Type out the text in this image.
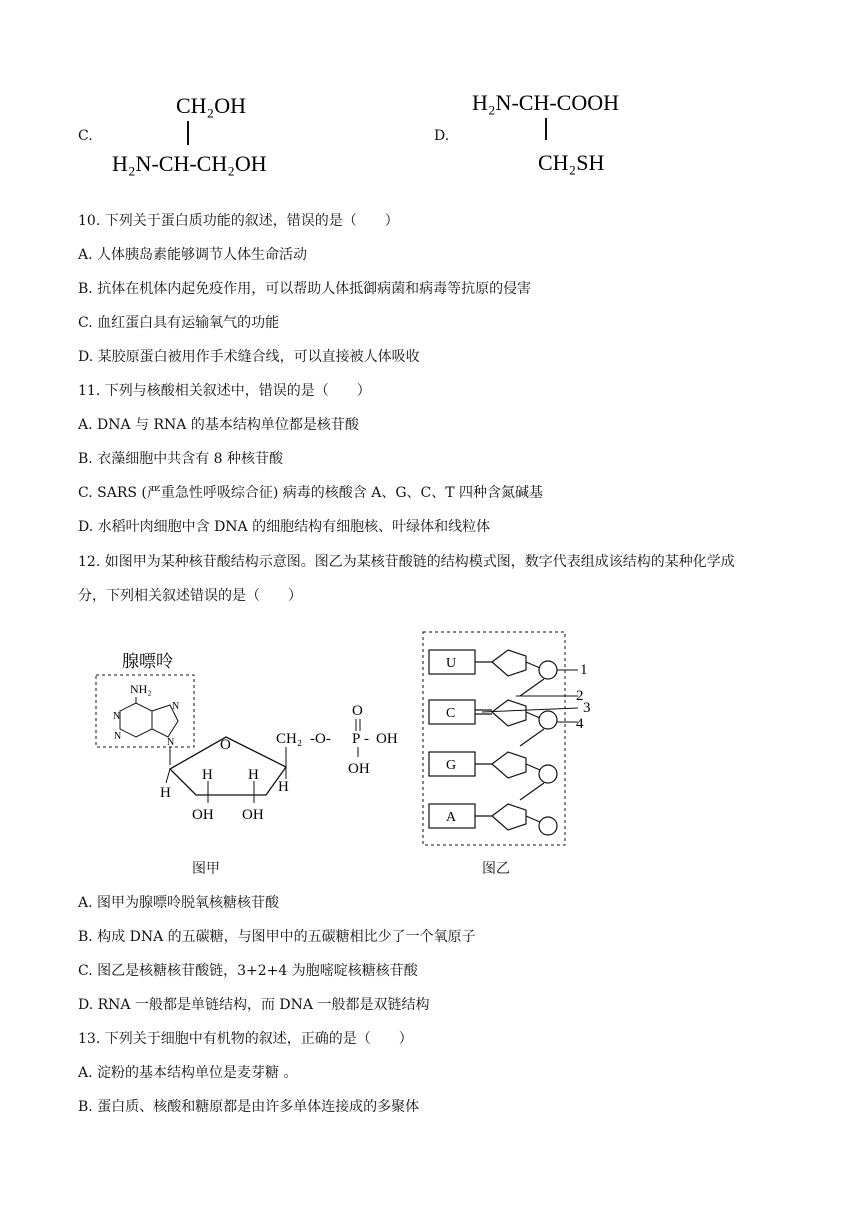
C.	D.
CH₂OH
H₂N-CH-CH₂OH
H₂N-CH-COOH
CH₂SH
10. 下列关于蛋白质功能的叙述，错误的是（　　）
A. 人体胰岛素能够调节人体生命活动
B. 抗体在机体内起免疫作用，可以帮助人体抵御病菌和病毒等抗原的侵害
C. 血红蛋白具有运输氧气的功能
D. 某胶原蛋白被用作手术缝合线，可以直接被人体吸收
11. 下列与核酸相关叙述中，错误的是（　　）
A. DNA 与 RNA 的基本结构单位都是核苷酸
B. 衣藻细胞中共含有 8 种核苷酸
C. SARS (严重急性呼吸综合征) 病毒的核酸含 A、G、C、T 四种含氮碱基
D. 水稻叶肉细胞中含 DNA 的细胞结构有细胞核、叶绿体和线粒体
12. 如图甲为某种核苷酸结构示意图。图乙为某核苷酸链的结构模式图，数字代表组成该结构的某种化学成
分，下列相关叙述错误的是（　　）
腺嘌呤
NH₂
N
N
N
N	O
H
H H
H
OH OH
CH₂ -O- P - OH
O
OH
图甲
U
C
G
A
1
2
3
4
图乙
A. 图甲为腺嘌呤脱氧核糖核苷酸
B. 构成 DNA 的五碳糖，与图甲中的五碳糖相比少了一个氧原子
C. 图乙是核糖核苷酸链，3+2+4 为胞嘧啶核糖核苷酸
D. RNA 一般都是单链结构，而 DNA 一般都是双链结构
13. 下列关于细胞中有机物的叙述，正确的是（　　）
A. 淀粉的基本结构单位是麦芽糖 。
B. 蛋白质、核酸和糖原都是由许多单体连接成的多聚体
